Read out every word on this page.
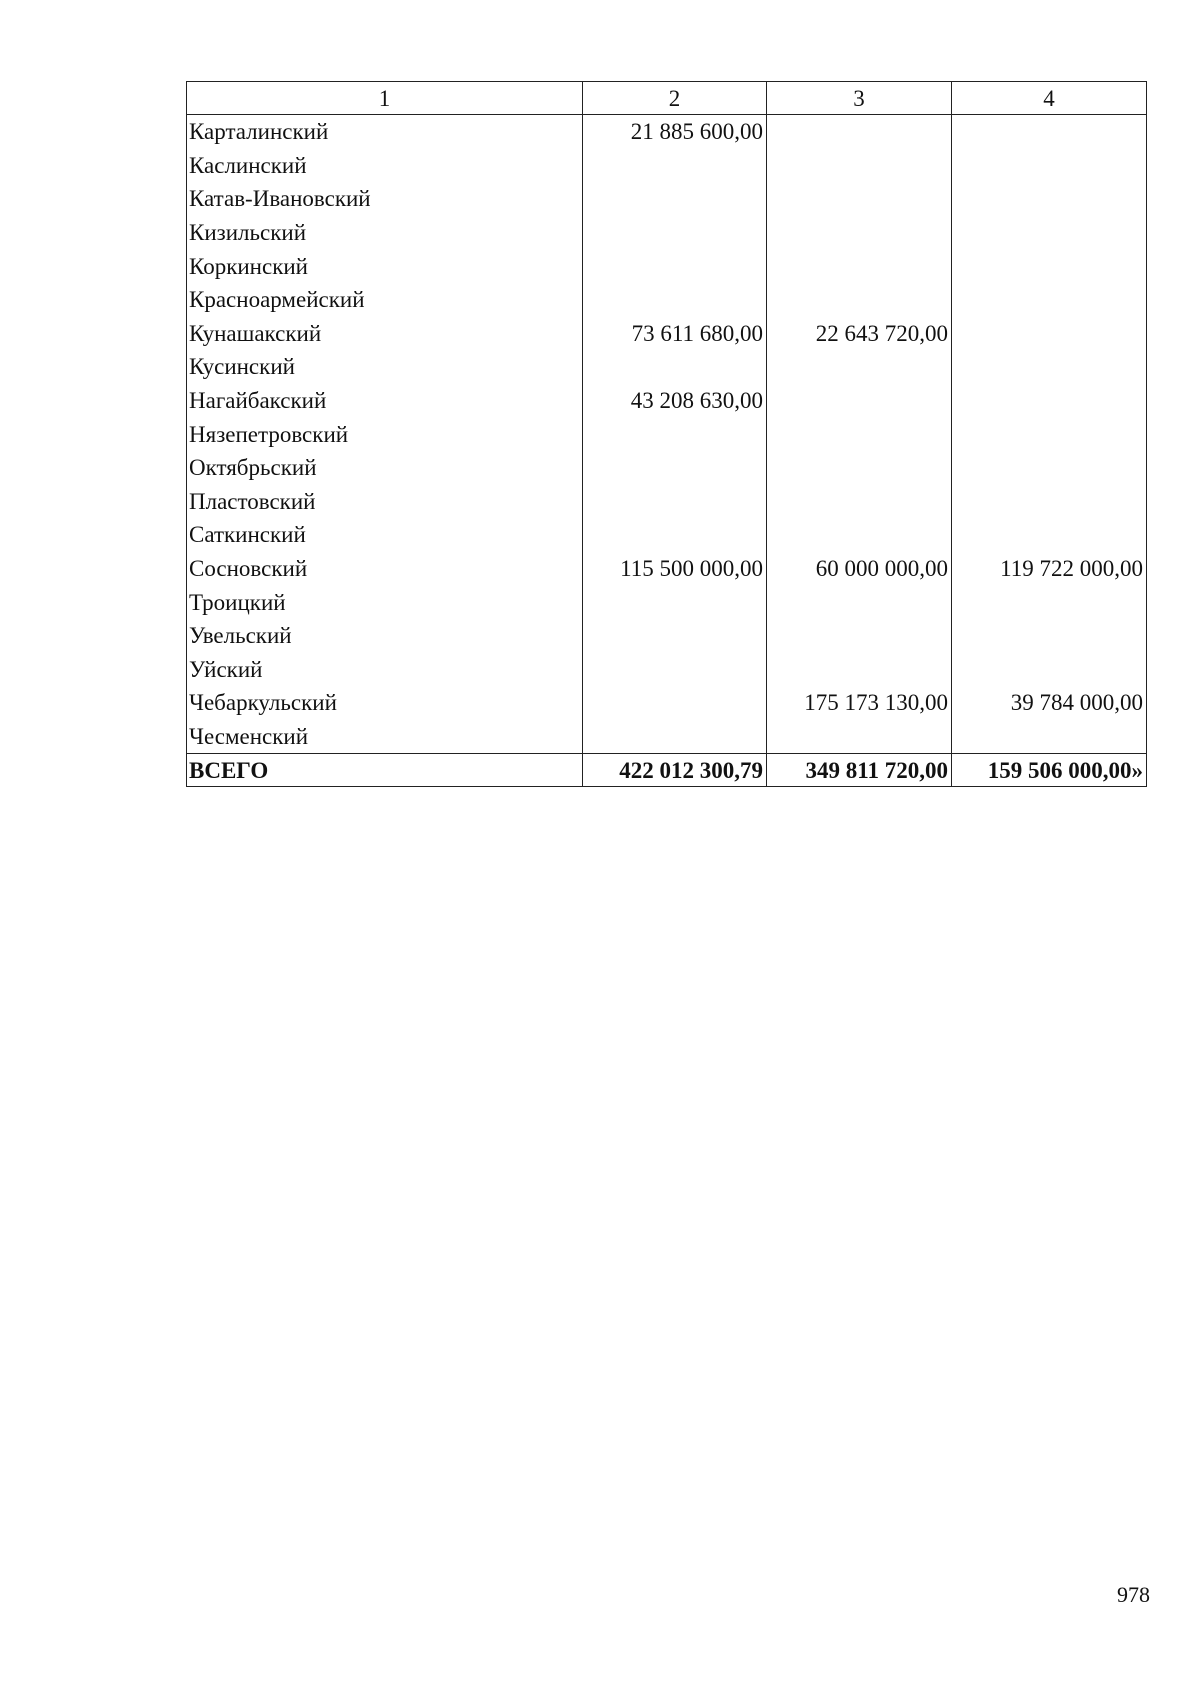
1	2	3	4
Карталинский	21 885 600,00		
Каслинский			
Катав-Ивановский			
Кизильский			
Коркинский			
Красноармейский			
Кунашакский	73 611 680,00	22 643 720,00	
Кусинский			
Нагайбакский	43 208 630,00		
Нязепетровский			
Октябрьский			
Пластовский			
Саткинский			
Сосновский	115 500 000,00	60 000 000,00	119 722 000,00
Троицкий			
Увельский			
Уйский			
Чебаркульский		175 173 130,00	39 784 000,00
Чесменский			
ВСЕГО	422 012 300,79	349 811 720,00	159 506 000,00»
978
